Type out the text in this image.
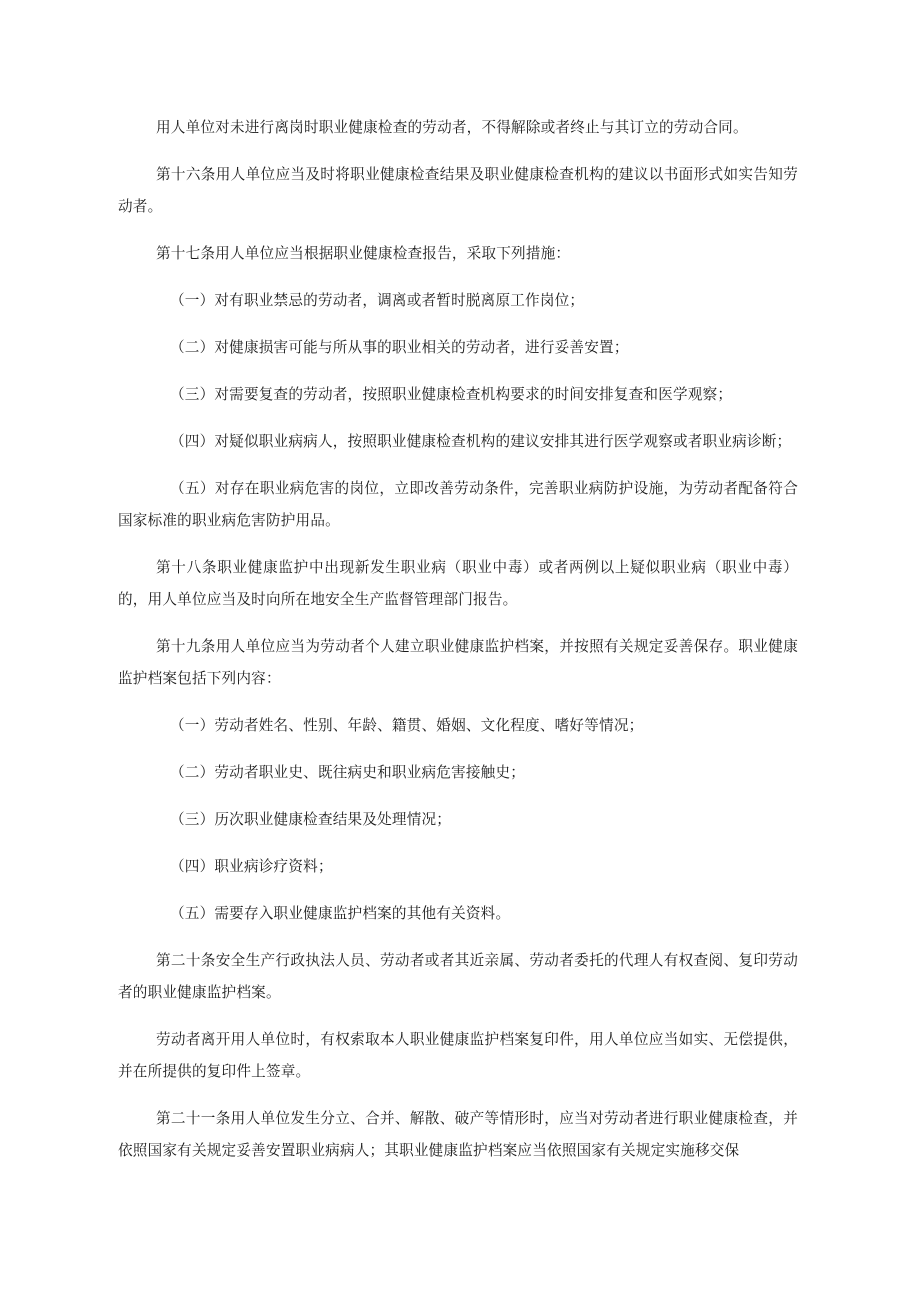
用人单位对未进行离岗时职业健康检查的劳动者，不得解除或者终止与其订立的劳动合同。

第十六条用人单位应当及时将职业健康检查结果及职业健康检查机构的建议以书面形式如实告知劳动者。

第十七条用人单位应当根据职业健康检查报告，采取下列措施：

（一）对有职业禁忌的劳动者，调离或者暂时脱离原工作岗位；

（二）对健康损害可能与所从事的职业相关的劳动者，进行妥善安置；

（三）对需要复查的劳动者，按照职业健康检查机构要求的时间安排复查和医学观察；

（四）对疑似职业病病人，按照职业健康检查机构的建议安排其进行医学观察或者职业病诊断；

（五）对存在职业病危害的岗位，立即改善劳动条件，完善职业病防护设施，为劳动者配备符合国家标准的职业病危害防护用品。

第十八条职业健康监护中出现新发生职业病（职业中毒）或者两例以上疑似职业病（职业中毒）的，用人单位应当及时向所在地安全生产监督管理部门报告。

第十九条用人单位应当为劳动者个人建立职业健康监护档案，并按照有关规定妥善保存。职业健康监护档案包括下列内容：

（一）劳动者姓名、性别、年龄、籍贯、婚姻、文化程度、嗜好等情况；

（二）劳动者职业史、既往病史和职业病危害接触史；

（三）历次职业健康检查结果及处理情况；

（四）职业病诊疗资料；

（五）需要存入职业健康监护档案的其他有关资料。

第二十条安全生产行政执法人员、劳动者或者其近亲属、劳动者委托的代理人有权查阅、复印劳动者的职业健康监护档案。

劳动者离开用人单位时，有权索取本人职业健康监护档案复印件，用人单位应当如实、无偿提供，并在所提供的复印件上签章。

第二十一条用人单位发生分立、合并、解散、破产等情形时，应当对劳动者进行职业健康检查，并依照国家有关规定妥善安置职业病病人；其职业健康监护档案应当依照国家有关规定实施移交保
